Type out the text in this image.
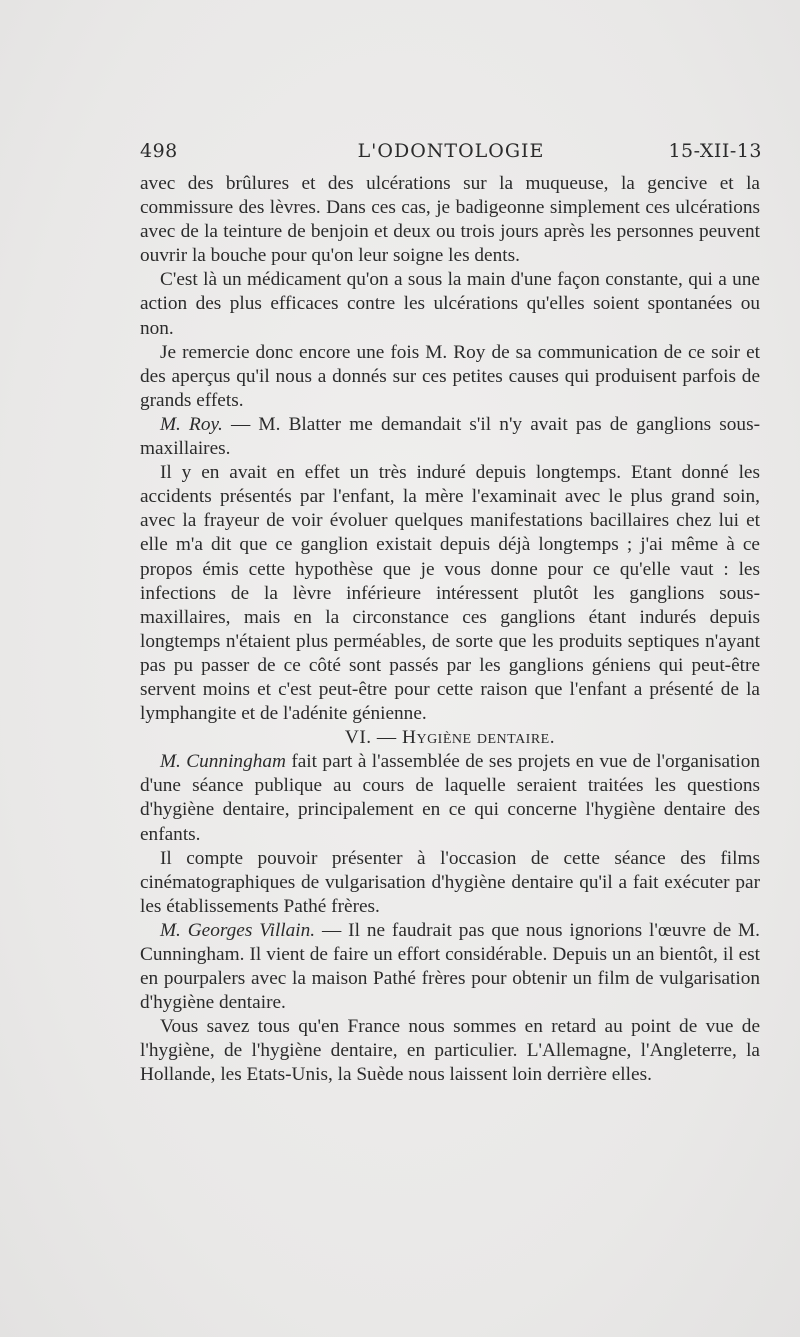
498	L'ODONTOLOGIE	15-XII-13

avec des brûlures et des ulcérations sur la muqueuse, la gencive et la commissure des lèvres. Dans ces cas, je badigeonne simplement ces ulcérations avec de la teinture de benjoin et deux ou trois jours après les personnes peuvent ouvrir la bouche pour qu'on leur soigne les dents.

C'est là un médicament qu'on a sous la main d'une façon constante, qui a une action des plus efficaces contre les ulcérations qu'elles soient spontanées ou non.

Je remercie donc encore une fois M. Roy de sa communication de ce soir et des aperçus qu'il nous a donnés sur ces petites causes qui produisent parfois de grands effets.

M. Roy. — M. Blatter me demandait s'il n'y avait pas de ganglions sous-maxillaires.

Il y en avait en effet un très induré depuis longtemps. Etant donné les accidents présentés par l'enfant, la mère l'examinait avec le plus grand soin, avec la frayeur de voir évoluer quelques manifestations bacillaires chez lui et elle m'a dit que ce ganglion existait depuis déjà longtemps ; j'ai même à ce propos émis cette hypothèse que je vous donne pour ce qu'elle vaut : les infections de la lèvre inférieure intéressent plutôt les ganglions sous-maxillaires, mais en la circonstance ces ganglions étant indurés depuis longtemps n'étaient plus perméables, de sorte que les produits septiques n'ayant pas pu passer de ce côté sont passés par les ganglions géniens qui peut-être servent moins et c'est peut-être pour cette raison que l'enfant a présenté de la lymphangite et de l'adénite génienne.

VI. — Hygiène dentaire.

M. Cunningham fait part à l'assemblée de ses projets en vue de l'organisation d'une séance publique au cours de laquelle seraient traitées les questions d'hygiène dentaire, principalement en ce qui concerne l'hygiène dentaire des enfants.

Il compte pouvoir présenter à l'occasion de cette séance des films cinématographiques de vulgarisation d'hygiène dentaire qu'il a fait exécuter par les établissements Pathé frères.

M. Georges Villain. — Il ne faudrait pas que nous ignorions l'œuvre de M. Cunningham. Il vient de faire un effort considérable. Depuis un an bientôt, il est en pourpalers avec la maison Pathé frères pour obtenir un film de vulgarisation d'hygiène dentaire.

Vous savez tous qu'en France nous sommes en retard au point de vue de l'hygiène, de l'hygiène dentaire, en particulier. L'Allemagne, l'Angleterre, la Hollande, les Etats-Unis, la Suède nous laissent loin derrière elles.
